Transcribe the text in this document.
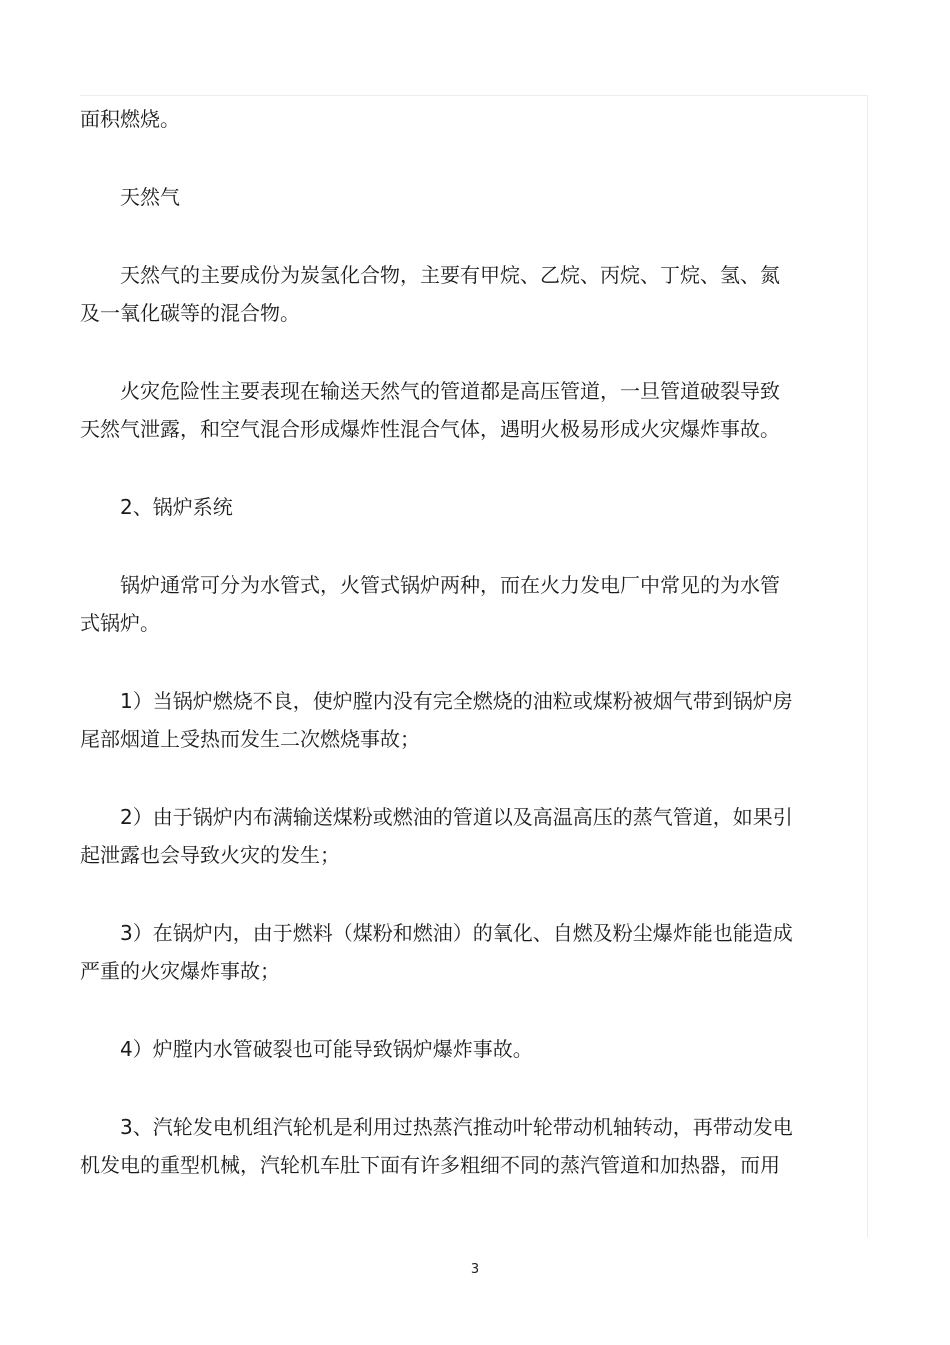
面积燃烧。

天然气

天然气的主要成份为炭氢化合物，主要有甲烷、乙烷、丙烷、丁烷、氢、氮
及一氧化碳等的混合物。

火灾危险性主要表现在输送天然气的管道都是高压管道，一旦管道破裂导致
天然气泄露，和空气混合形成爆炸性混合气体，遇明火极易形成火灾爆炸事故。

2、锅炉系统

锅炉通常可分为水管式，火管式锅炉两种，而在火力发电厂中常见的为水管
式锅炉。

1）当锅炉燃烧不良，使炉膛内没有完全燃烧的油粒或煤粉被烟气带到锅炉房
尾部烟道上受热而发生二次燃烧事故；

2）由于锅炉内布满输送煤粉或燃油的管道以及高温高压的蒸气管道，如果引
起泄露也会导致火灾的发生；

3）在锅炉内，由于燃料（煤粉和燃油）的氧化、自燃及粉尘爆炸能也能造成
严重的火灾爆炸事故；

4）炉膛内水管破裂也可能导致锅炉爆炸事故。

3、汽轮发电机组汽轮机是利用过热蒸汽推动叶轮带动机轴转动，再带动发电
机发电的重型机械，汽轮机车肚下面有许多粗细不同的蒸汽管道和加热器，而用

3
